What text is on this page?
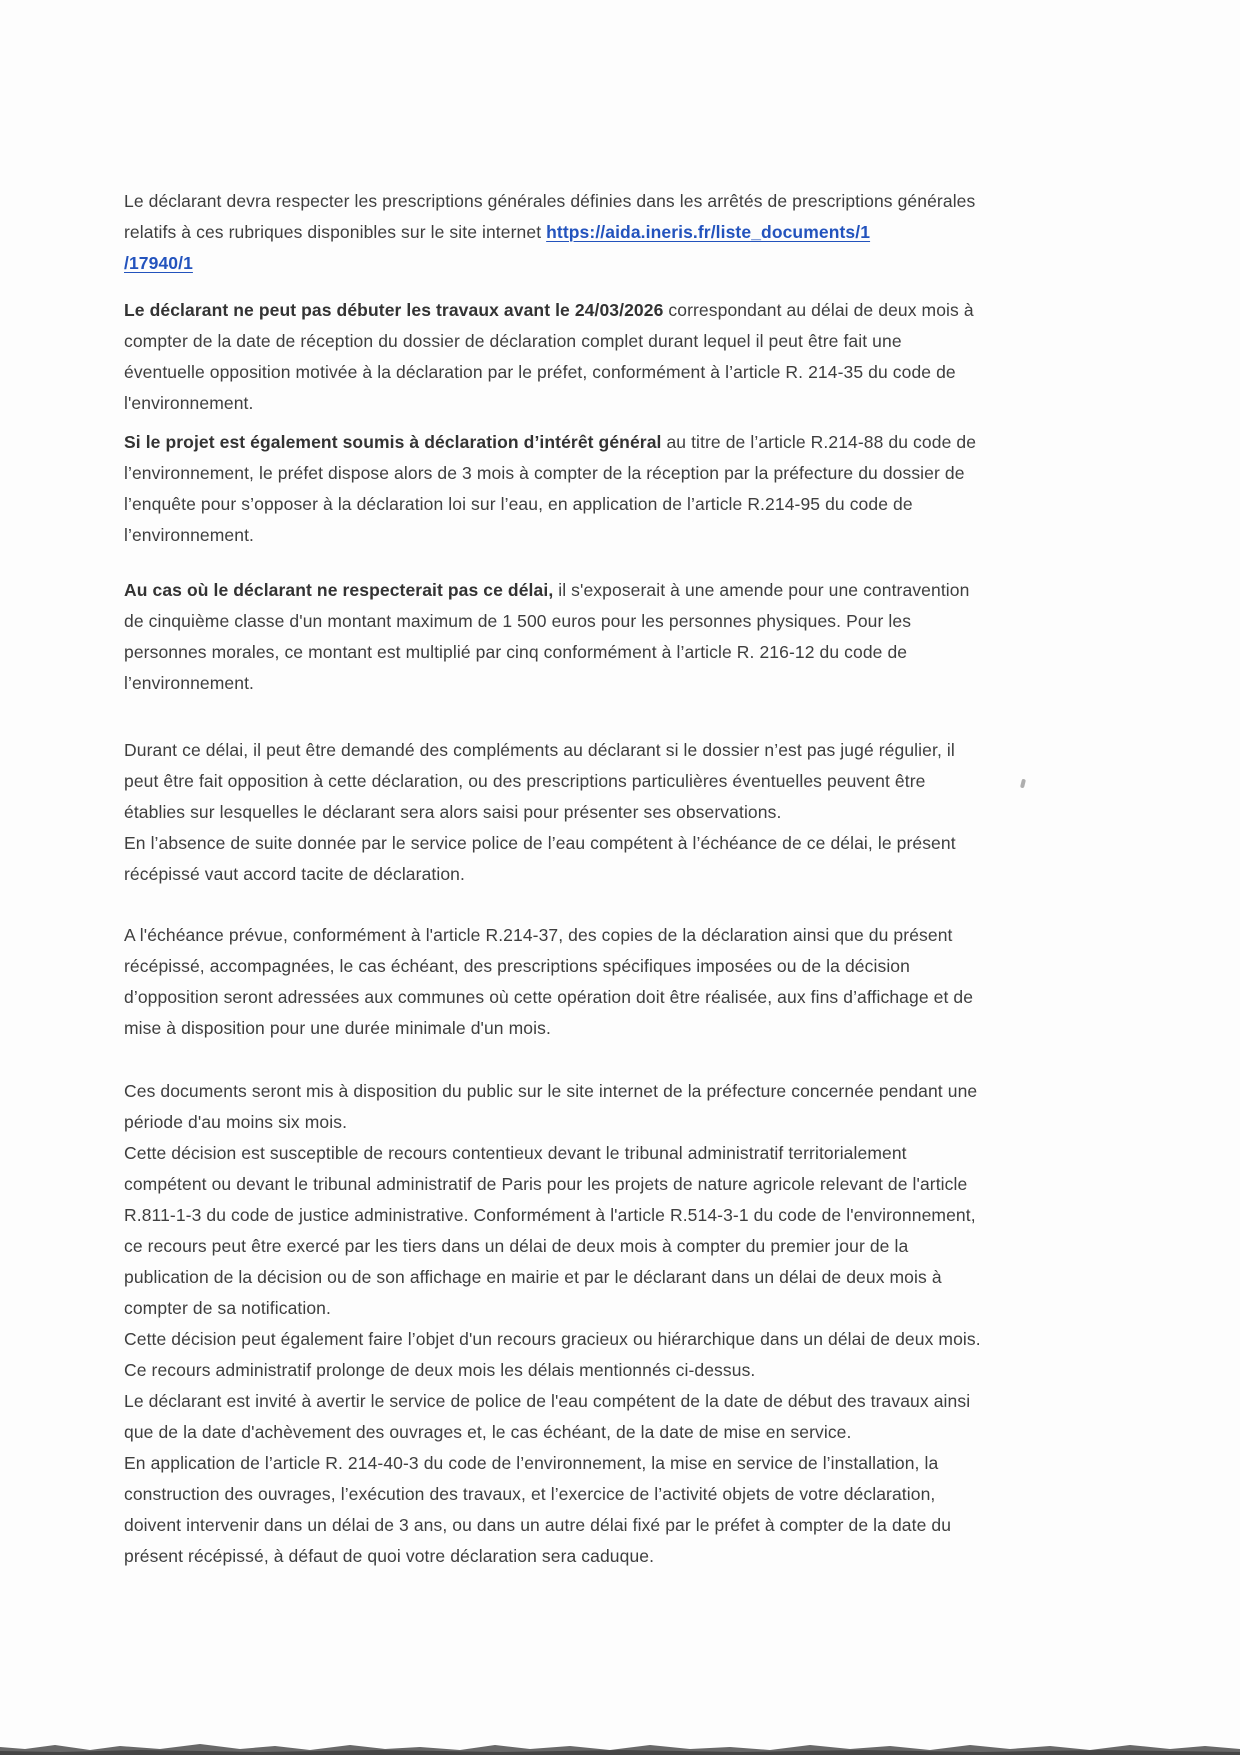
Le déclarant devra respecter les prescriptions générales définies dans les arrêtés de prescriptions générales relatifs à ces rubriques disponibles sur le site internet https://aida.ineris.fr/liste_documents/1
/17940/1

Le déclarant ne peut pas débuter les travaux avant le 24/03/2026 correspondant au délai de deux mois à compter de la date de réception du dossier de déclaration complet durant lequel il peut être fait une éventuelle opposition motivée à la déclaration par le préfet, conformément à l’article R. 214-35 du code de l'environnement.

Si le projet est également soumis à déclaration d’intérêt général au titre de l’article R.214-88 du code de l’environnement, le préfet dispose alors de 3 mois à compter de la réception par la préfecture du dossier de l’enquête pour s’opposer à la déclaration loi sur l’eau, en application de l’article R.214-95 du code de l’environnement.

Au cas où le déclarant ne respecterait pas ce délai, il s'exposerait à une amende pour une contravention de cinquième classe d'un montant maximum de 1 500 euros pour les personnes physiques. Pour les personnes morales, ce montant est multiplié par cinq conformément à l’article R. 216-12 du code de l’environnement.

Durant ce délai, il peut être demandé des compléments au déclarant si le dossier n’est pas jugé régulier, il peut être fait opposition à cette déclaration, ou des prescriptions particulières éventuelles peuvent être établies sur lesquelles le déclarant sera alors saisi pour présenter ses observations.
En l’absence de suite donnée par le service police de l’eau compétent à l’échéance de ce délai, le présent récépissé vaut accord tacite de déclaration.

A l'échéance prévue, conformément à l'article R.214-37, des copies de la déclaration ainsi que du présent récépissé, accompagnées, le cas échéant, des prescriptions spécifiques imposées ou de la décision d’opposition seront adressées aux communes où cette opération doit être réalisée, aux fins d’affichage et de mise à disposition pour une durée minimale d'un mois.

Ces documents seront mis à disposition du public sur le site internet de la préfecture concernée pendant une période d'au moins six mois.
Cette décision est susceptible de recours contentieux devant le tribunal administratif territorialement compétent ou devant le tribunal administratif de Paris pour les projets de nature agricole relevant de l'article R.811-1-3 du code de justice administrative. Conformément à l'article R.514-3-1 du code de l'environnement, ce recours peut être exercé par les tiers dans un délai de deux mois à compter du premier jour de la publication de la décision ou de son affichage en mairie et par le déclarant dans un délai de deux mois à compter de sa notification.
Cette décision peut également faire l’objet d'un recours gracieux ou hiérarchique dans un délai de deux mois. Ce recours administratif prolonge de deux mois les délais mentionnés ci-dessus.
Le déclarant est invité à avertir le service de police de l'eau compétent de la date de début des travaux ainsi que de la date d'achèvement des ouvrages et, le cas échéant, de la date de mise en service.
En application de l’article R. 214-40-3 du code de l’environnement, la mise en service de l’installation, la construction des ouvrages, l’exécution des travaux, et l’exercice de l’activité objets de votre déclaration, doivent intervenir dans un délai de 3 ans, ou dans un autre délai fixé par le préfet à compter de la date du présent récépissé, à défaut de quoi votre déclaration sera caduque.
